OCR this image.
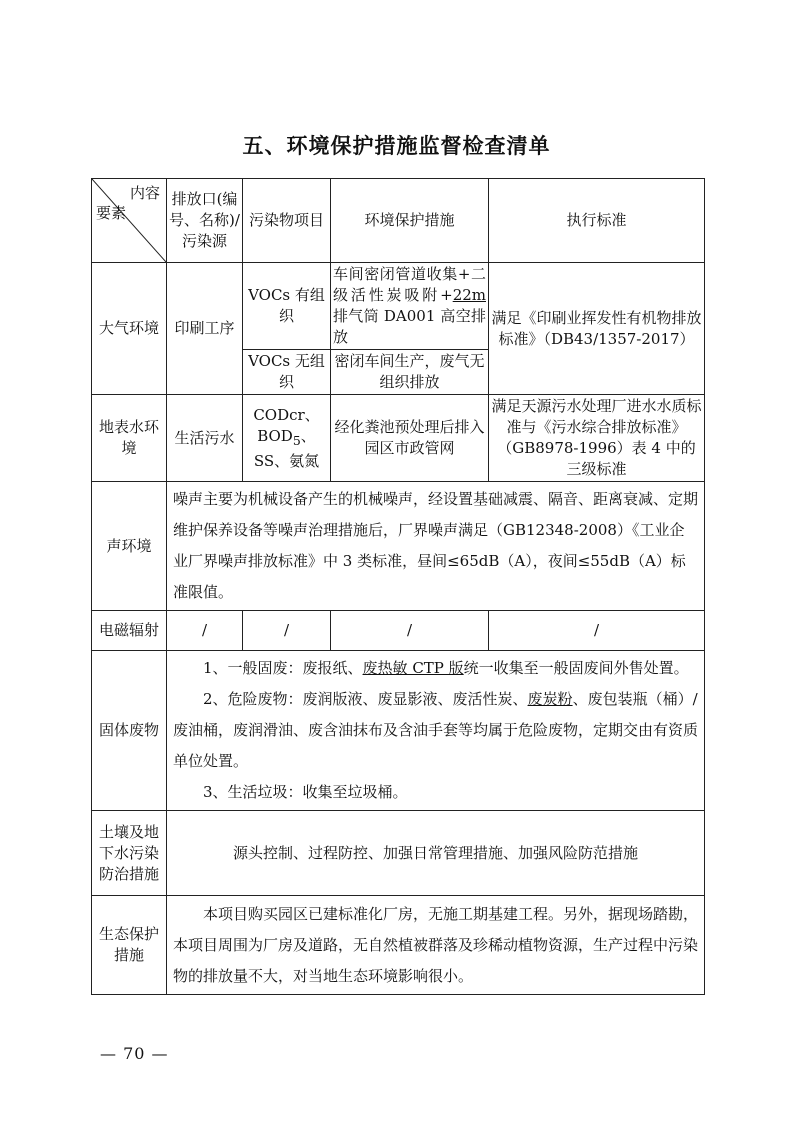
五、环境保护措施监督检查清单
内容
要素	排放口(编号、名称)/污染源	污染物项目	环境保护措施	执行标准
大气环境	印刷工序	VOCs 有组织	车间密闭管道收集+二级活性炭吸附+22m 排气筒 DA001 高空排放	满足《印刷业挥发性有机物排放标准》（DB43/1357-2017）
		VOCs 无组织	密闭车间生产，废气无组织排放	
地表水环境	生活污水	CODcr、$BOD_5$、SS、氨氮	经化粪池预处理后排入园区市政管网	满足天源污水处理厂进水水质标准与《污水综合排放标准》（GB8978-1996）表 4 中的三级标准
声环境	噪声主要为机械设备产生的机械噪声，经设置基础减震、隔音、距离衰减、定期维护保养设备等噪声治理措施后，厂界噪声满足（GB12348-2008）《工业企业厂界噪声排放标准》中 3 类标准，昼间≤65dB（A），夜间≤55dB（A）标准限值。			

电磁辐射	/	/	/	/
固体废物	1、一般固废：废报纸、废热敏 CTP 版统一收集至一般固废间外售处置。

2、危险废物：废润版液、废显影液、废活性炭、废炭粉、废包装瓶（桶）/废油桶，废润滑油、废含油抹布及含油手套等均属于危险废物，定期交由有资质单位处置。

3、生活垃圾：收集至垃圾桶。			

土壤及地下水污染防治措施	源头控制、过程防控、加强日常管理措施、加强风险防范措施			
生态保护措施	本项目购买园区已建标准化厂房，无施工期基建工程。另外，据现场踏勘，本项目周围为厂房及道路，无自然植被群落及珍稀动植物资源，生产过程中污染物的排放量不大，对当地生态环境影响很小。			

— 70 —
